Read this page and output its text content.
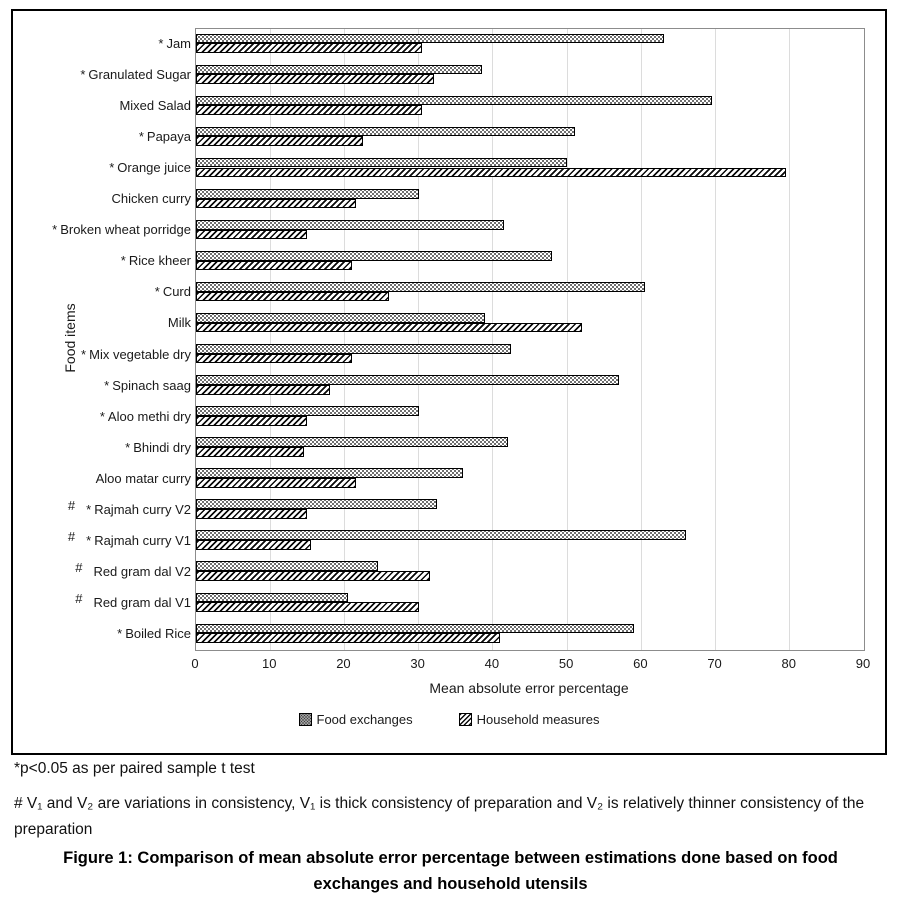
Food items
* Jam
* Granulated Sugar
Mixed Salad
* Papaya
* Orange juice
Chicken curry
* Broken wheat porridge
* Rice kheer
* Curd
Milk
* Mix vegetable dry
* Spinach saag
* Aloo methi dry
* Bhindi dry
Aloo matar curry
# * Rajmah curry V2
# * Rajmah curry V1
# Red gram dal V2
# Red gram dal V1
* Boiled Rice
0	10	20	30	40	50	60	70	80	90
Mean absolute error percentage
Food exchanges	Household measures
*p<0.05 as per paired sample t test
# V₁ and V₂ are variations in consistency, V₁ is thick consistency of preparation and V₂ is relatively thinner consistency of the preparation
Figure 1: Comparison of mean absolute error percentage between estimations done based on food exchanges and household utensils
